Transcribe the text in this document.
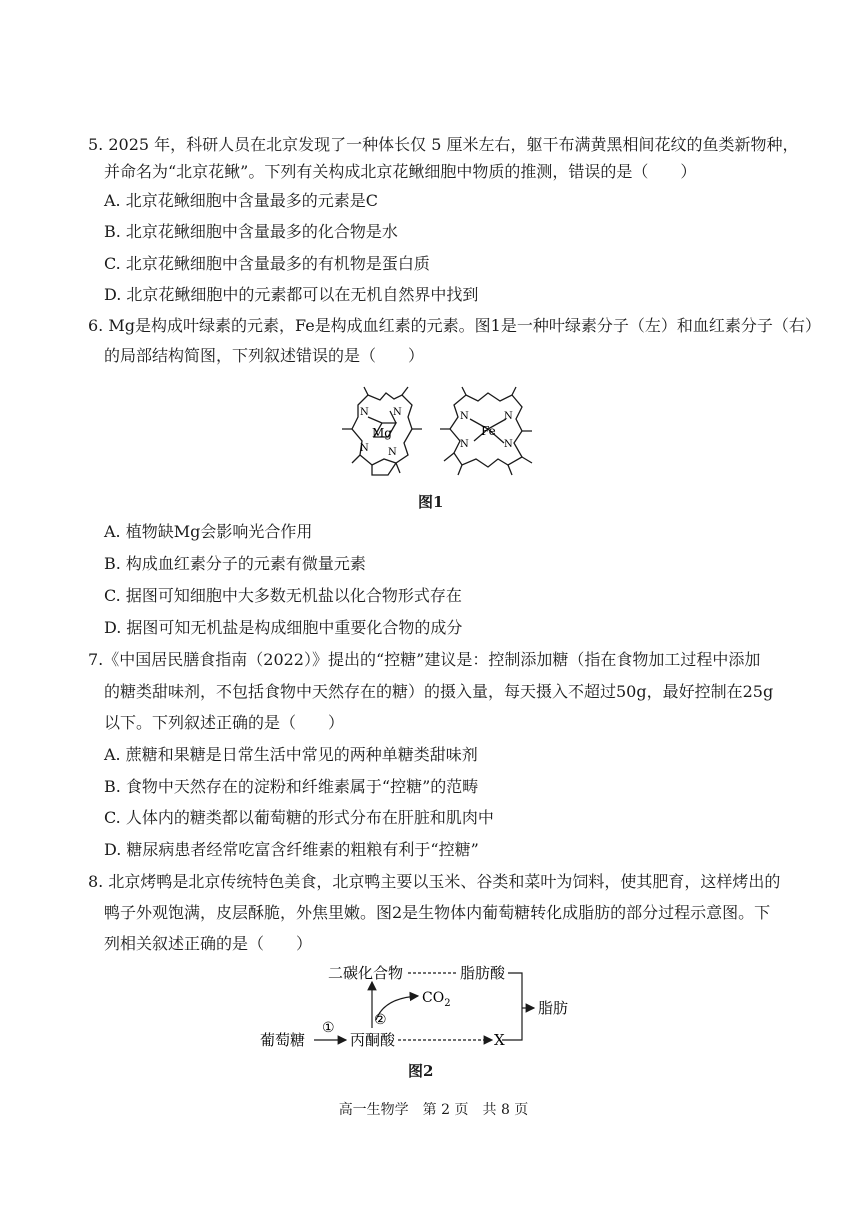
5. 2025 年，科研人员在北京发现了一种体长仅 5 厘米左右，躯干布满黄黑相间花纹的鱼类新物种，
并命名为“北京花鳅”。下列有关构成北京花鳅细胞中物质的推测，错误的是（　　）
A. 北京花鳅细胞中含量最多的元素是C
B. 北京花鳅细胞中含量最多的化合物是水
C. 北京花鳅细胞中含量最多的有机物是蛋白质
D. 北京花鳅细胞中的元素都可以在无机自然界中找到
6. Mg是构成叶绿素的元素，Fe是构成血红素的元素。图1是一种叶绿素分子（左）和血红素分子（右）
的局部结构简图，下列叙述错误的是（　　）
N N
N N
Mg
N	N
N	N
Fe
图1
A. 植物缺Mg会影响光合作用
B. 构成血红素分子的元素有微量元素
C. 据图可知细胞中大多数无机盐以化合物形式存在
D. 据图可知无机盐是构成细胞中重要化合物的成分
7.《中国居民膳食指南（2022）》提出的“控糖”建议是：控制添加糖（指在食物加工过程中添加
的糖类甜味剂，不包括食物中天然存在的糖）的摄入量，每天摄入不超过50g，最好控制在25g
以下。下列叙述正确的是（　　）
A. 蔗糖和果糖是日常生活中常见的两种单糖类甜味剂
B. 食物中天然存在的淀粉和纤维素属于“控糖”的范畴
C. 人体内的糖类都以葡萄糖的形式分布在肝脏和肌肉中
D. 糖尿病患者经常吃富含纤维素的粗粮有利于“控糖”
8. 北京烤鸭是北京传统特色美食，北京鸭主要以玉米、谷类和菜叶为饲料，使其肥育，这样烤出的
鸭子外观饱满，皮层酥脆，外焦里嫩。图2是生物体内葡萄糖转化成脂肪的部分过程示意图。下
列相关叙述正确的是（　　）
二碳化合物	脂肪酸
脂肪
$CO_2$
②
葡萄糖
①
丙酮酸	X
图2
高一生物学　第 2 页　共 8 页
